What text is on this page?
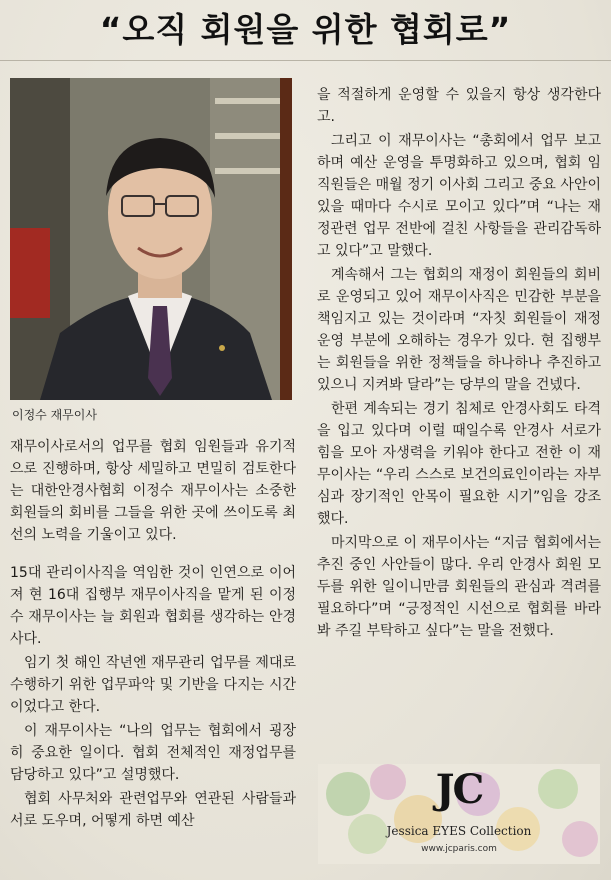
“오직 회원을 위한 협회로”
이정수 재무이사

재무이사로서의 업무를 협회 임원들과 유기적으로 진행하며, 항상 세밀하고 면밀히 검토한다는 대한안경사협회 이정수 재무이사는 소중한 회원들의 회비를 그들을 위한 곳에 쓰이도록 최선의 노력을 기울이고 있다.

15대 관리이사직을 역임한 것이 인연으로 이어져 현 16대 집행부 재무이사직을 맡게 된 이정수 재무이사는 늘 회원과 협회를 생각하는 안경사다.

임기 첫 해인 작년엔 재무관리 업무를 제대로 수행하기 위한 업무파악 및 기반을 다지는 시간이었다고 한다.

이 재무이사는 “나의 업무는 협회에서 굉장히 중요한 일이다. 협회 전체적인 재정업무를 담당하고 있다”고 설명했다.

협회 사무처와 관련업무와 연관된 사람들과 서로 도우며, 어떻게 하면 예산

을 적절하게 운영할 수 있을지 항상 생각한다고.

그리고 이 재무이사는 “총회에서 업무 보고하며 예산 운영을 투명화하고 있으며, 협회 임직원들은 매월 정기 이사회 그리고 중요 사안이 있을 때마다 수시로 모이고 있다”며 “나는 재정관련 업무 전반에 걸친 사항들을 관리감독하고 있다”고 말했다.

계속해서 그는 협회의 재정이 회원들의 회비로 운영되고 있어 재무이사직은 민감한 부분을 책임지고 있는 것이라며 “자칫 회원들이 재정 운영 부분에 오해하는 경우가 있다. 현 집행부는 회원들을 위한 정책들을 하나하나 추진하고 있으니 지켜봐 달라”는 당부의 말을 건넸다.

한편 계속되는 경기 침체로 안경사회도 타격을 입고 있다며 이럴 때일수록 안경사 서로가 힘을 모아 자생력을 키워야 한다고 전한 이 재무이사는 “우리 스스로 보건의료인이라는 자부심과 장기적인 안목이 필요한 시기”임을 강조했다.

마지막으로 이 재무이사는 “지금 협회에서는 추진 중인 사안들이 많다. 우리 안경사 회원 모두를 위한 일이니만큼 회원들의 관심과 격려를 필요하다”며 “긍정적인 시선으로 협회를 바라봐 주길 부탁하고 싶다”는 말을 전했다.

JC
Jessica EYES Collection
www.jcparis.com
